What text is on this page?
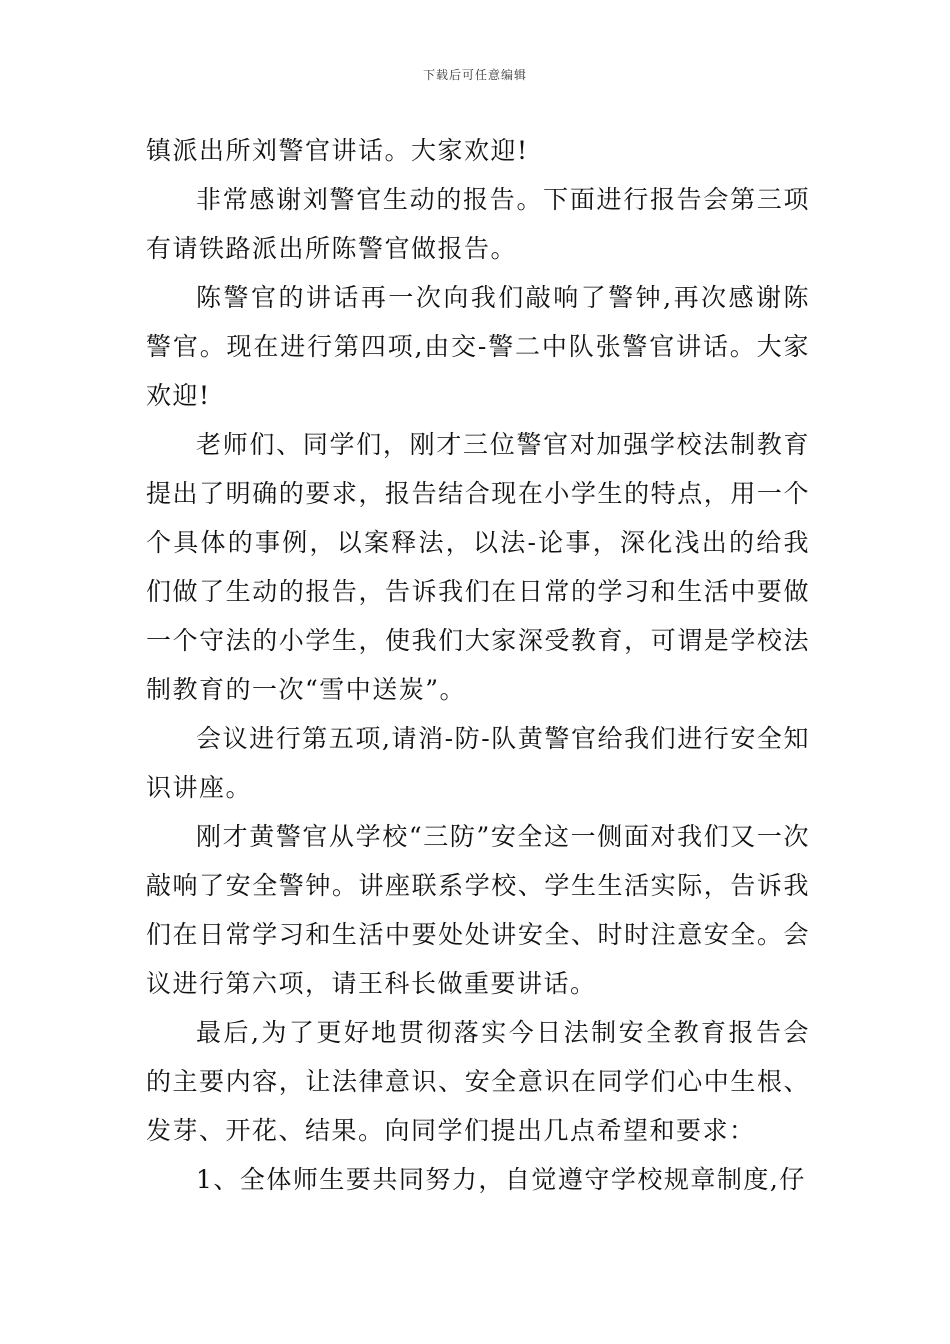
下载后可任意编辑

镇派出所刘警官讲话。大家欢迎!

非常感谢刘警官生动的报告。下面进行报告会第三项有请铁路派出所陈警官做报告。

陈警官的讲话再一次向我们敲响了警钟,再次感谢陈警官。现在进行第四项,由交-警二中队张警官讲话。大家欢迎!

老师们、同学们，刚才三位警官对加强学校法制教育提出了明确的要求，报告结合现在小学生的特点，用一个个具体的事例，以案释法，以法-论事，深化浅出的给我们做了生动的报告，告诉我们在日常的学习和生活中要做一个守法的小学生，使我们大家深受教育，可谓是学校法制教育的一次“雪中送炭”。

会议进行第五项,请消-防-队黄警官给我们进行安全知识讲座。

刚才黄警官从学校“三防”安全这一侧面对我们又一次敲响了安全警钟。讲座联系学校、学生生活实际，告诉我们在日常学习和生活中要处处讲安全、时时注意安全。会议进行第六项，请王科长做重要讲话。

最后,为了更好地贯彻落实今日法制安全教育报告会的主要内容，让法律意识、安全意识在同学们心中生根、发芽、开花、结果。向同学们提出几点希望和要求：

1、全体师生要共同努力，自觉遵守学校规章制度,仔
